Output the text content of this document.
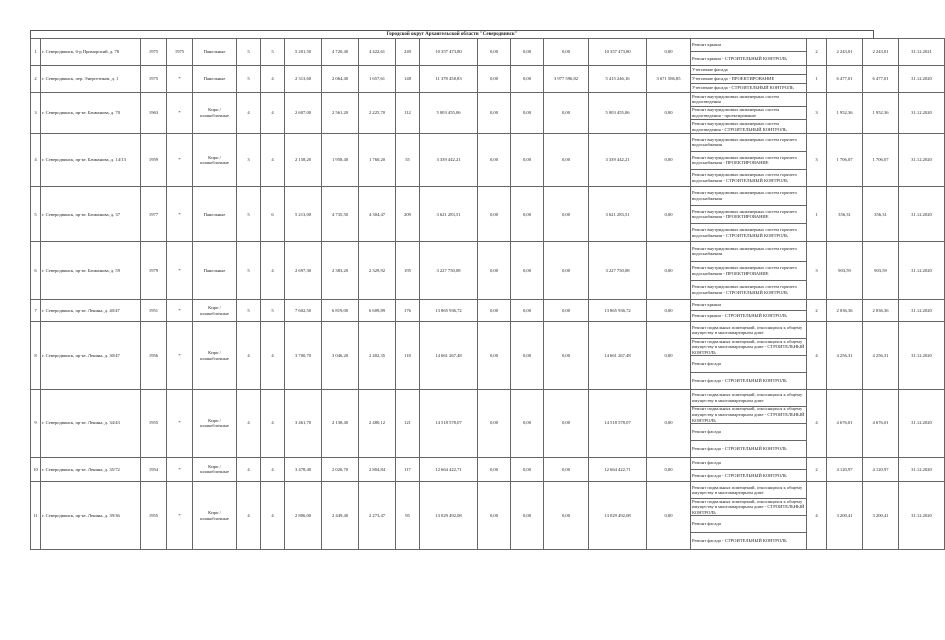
Городской округ Архангельской области "Северодвинск"
1	г. Северодвинск, б-р Приморский, д. 78	1975	1975	Панельные	5	5	5 201,50	4 720,40	4 422,61	249	10 357 473,80	0,00	0,00	0,00	10 357 473,80	0,00	Ремонт крыши
Ремонт крыши - СТРОИТЕЛЬНЫЙ КОНТРОЛЬ	2	2 243,01	2 243,01	31.12.2021
2	г. Северодвинск, пер. Энергетиков, д. 1	1975	*	Панельные	5	4	2 313,60	2 064,40	1 657,61	148	11 378 458,83	0,00	0,00	3 977 596,82	5 415 246,16	3 671 586,85	Утепление фасада
Утепление фасада - ПРОЕКТИРОВАНИЕ
Утепление фасада - СТРОИТЕЛЬНЫЙ КОНТРОЛЬ	1	6 477,01	6 477,01	31.12.2020
3	г. Северодвинск, пр-кт. Бачманова, д. 70	1963	*	Кирп / шлакоблочные	4	4	2 607,00	2 561,20	2 225,70	112	5 003 455,06	0,00	0,00	0,00	5 003 455,06	0,00	Ремонт внутридомовых инженерных систем водоотведения
Ремонт внутридомовых инженерных систем водоотведения - проектирование
Ремонт внутридомовых инженерных систем водоотведения - СТРОИТЕЛЬНЫЙ КОНТРОЛЬ	3	1 952,36	1 952,36	31.12.2020
4	г. Северодвинск, пр-кт. Бачманова, д. 14/13	1959	*	Кирп / шлакоблочные	3	4	2 158,20	1 958,40	1 760,20	55	3 339 442,21	0,00	0,00	0,00	3 339 442,21	0,00	Ремонт внутридомовых инженерных систем горячего водоснабжения
Ремонт внутридомовых инженерных систем горячего водоснабжения - ПРОЕКТИРОВАНИЕ
Ремонт внутридомовых инженерных систем горячего водоснабжения - СТРОИТЕЛЬНЫЙ КОНТРОЛЬ	3	1 706,07	1 706,07	31.12.2020
5	г. Северодвинск, пр-кт. Бачманова, д. 37	1977	*	Панельные	5	6	5 213,00	4 735,50	4 304,47	209	3 621 283,51	0,00	0,00	0,00	3 621 283,51	0,00	Ремонт внутридомовых инженерных систем горячего водоснабжения
Ремонт внутридомовых инженерных систем горячего водоснабжения - ПРОЕКТИРОВАНИЕ
Ремонт внутридомовых инженерных систем горячего водоснабжения - СТРОИТЕЛЬНЫЙ КОНТРОЛЬ	1	356,31	356,31	31.12.2020
6	г. Северодвинск, пр-кт. Бачманова, д. 59	1979	*	Панельные	5	4	2 697,30	2 383,20	2 329,92	195	3 227 750,08	0,00	0,00	0,00	3 227 750,08	0,00	Ремонт внутридомовых инженерных систем горячего водоснабжения
Ремонт внутридомовых инженерных систем горячего водоснабжения - ПРОЕКТИРОВАНИЕ
Ремонт внутридомовых инженерных систем горячего водоснабжения - СТРОИТЕЛЬНЫЙ КОНТРОЛЬ	3	903,59	903,59	31.12.2020
7	г. Северодвинск, пр-кт. Ленина, д. 40/47	1951	*	Кирп / шлакоблочные	5	5	7 602,50	6 819,00	6 609,89	176	13 865 936,72	0,00	0,00	0,00	13 865 936,72	0,00	Ремонт крыши
Ремонт крыши - СТРОИТЕЛЬНЫЙ КОНТРОЛЬ	2	2 036,36	2 036,36	31.12.2020
8	г. Северодвинск, пр-кт. Ленина, д. 30/47	1956	*	Кирп / шлакоблочные	4	4	3 700,70	3 046,20	2 402,35	118	14 661 267,48	0,00	0,00	0,00	14 661 267,48	0,00	Ремонт подвальных помещений, относящихся к общему имуществу в многоквартирном доме
Ремонт подвальных помещений, относящихся к общему имуществу в многоквартирном доме - СТРОИТЕЛЬНЫЙ КОНТРОЛЬ
Ремонт фасада
Ремонт фасада - СТРОИТЕЛЬНЫЙ КОНТРОЛЬ	4	4 256,31	4 256,31	31.12.2020
9	г. Северодвинск, пр-кт. Ленина, д. 34/43	1955	*	Кирп / шлакоблочные	4	4	3 461,70	2 138,40	2 480,12	121	14 518 578,07	0,00	0,00	0,00	14 518 578,07	0,00	Ремонт подвальных помещений, относящихся к общему имуществу в многоквартирном доме
Ремонт подвальных помещений, относящихся к общему имуществу в многоквартирном доме - СТРОИТЕЛЬНЫЙ КОНТРОЛЬ
Ремонт фасада
Ремонт фасада - СТРОИТЕЛЬНЫЙ КОНТРОЛЬ	4	4 676,01	4 676,01	31.12.2020
10	г. Северодвинск, пр-кт. Ленина, д. 35/72	1954	*	Кирп / шлакоблочные	4	4	3 478,40	2 026,70	2 804,84	117	12 664 422,71	0,00	0,00	0,00	12 664 422,71	0,00	Ремонт фасада
Ремонт фасада - СТРОИТЕЛЬНЫЙ КОНТРОЛЬ	2	4 120,97	4 120,97	31.12.2020
11	г. Северодвинск, пр-кт. Ленина, д. 39/36	1955	*	Кирп / шлакоблочные	4	4	2 806,00	2 449,40	2 273,47	95	13 029 492,08	0,00	0,00	0,00	13 029 492,08	0,00	Ремонт подвальных помещений, относящихся к общему имуществу в многоквартирном доме
Ремонт подвальных помещений, относящихся к общему имуществу в многоквартирном доме - СТРОИТЕЛЬНЫЙ КОНТРОЛЬ
Ремонт фасада
Ремонт фасада - СТРОИТЕЛЬНЫЙ КОНТРОЛЬ	4	3 200,41	3 200,41	31.12.2020
